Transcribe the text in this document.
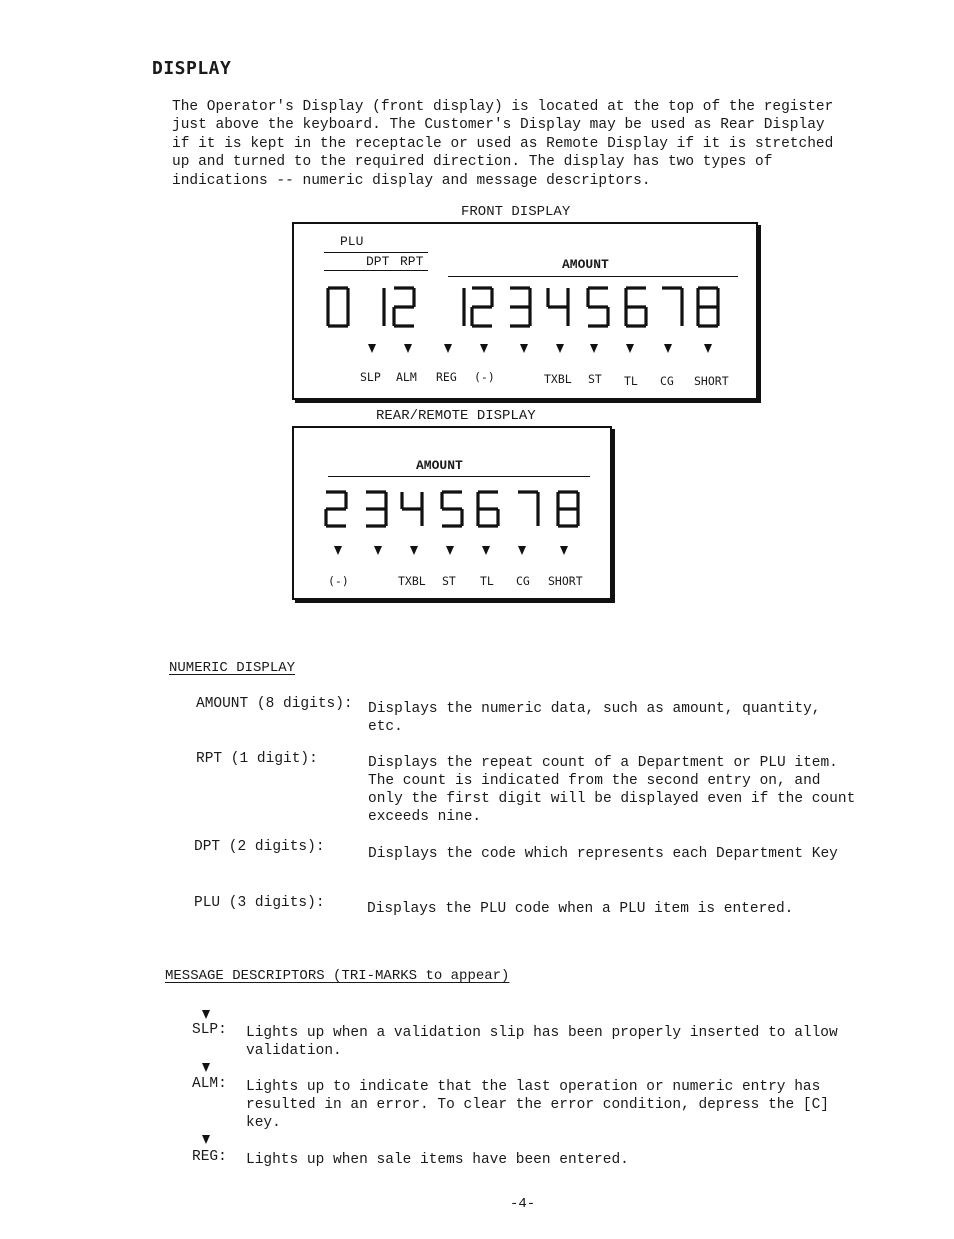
DISPLAY
The Operator's Display (front display) is located at the top of the register
just above the keyboard. The Customer's Display may be used as Rear Display
if it is kept in the receptacle or used as Remote Display if it is stretched
up and turned to the required direction. The display has two types of
indications -- numeric display and message descriptors.
FRONT DISPLAY
PLU
DPT RPT	AMOUNT
SLP ALM REG (-)	TXBL ST TL CG SHORT
REAR/REMOTE DISPLAY
AMOUNT
(-)	TXBL ST TL CG SHORT
NUMERIC DISPLAY
AMOUNT (8 digits): Displays the numeric data, such as amount, quantity,
etc.
RPT (1 digit):	Displays the repeat count of a Department or PLU item.
The count is indicated from the second entry on, and
only the first digit will be displayed even if the count
exceeds nine.
DPT (2 digits):	Displays the code which represents each Department Key
PLU (3 digits):	Displays the PLU code when a PLU item is entered.
MESSAGE DESCRIPTORS (TRI-MARKS to appear)
SLP: Lights up when a validation slip has been properly inserted to allow
validation.
ALM: Lights up to indicate that the last operation or numeric entry has
resulted in an error. To clear the error condition, depress the [C]
key.
REG: Lights up when sale items have been entered.
-4-
